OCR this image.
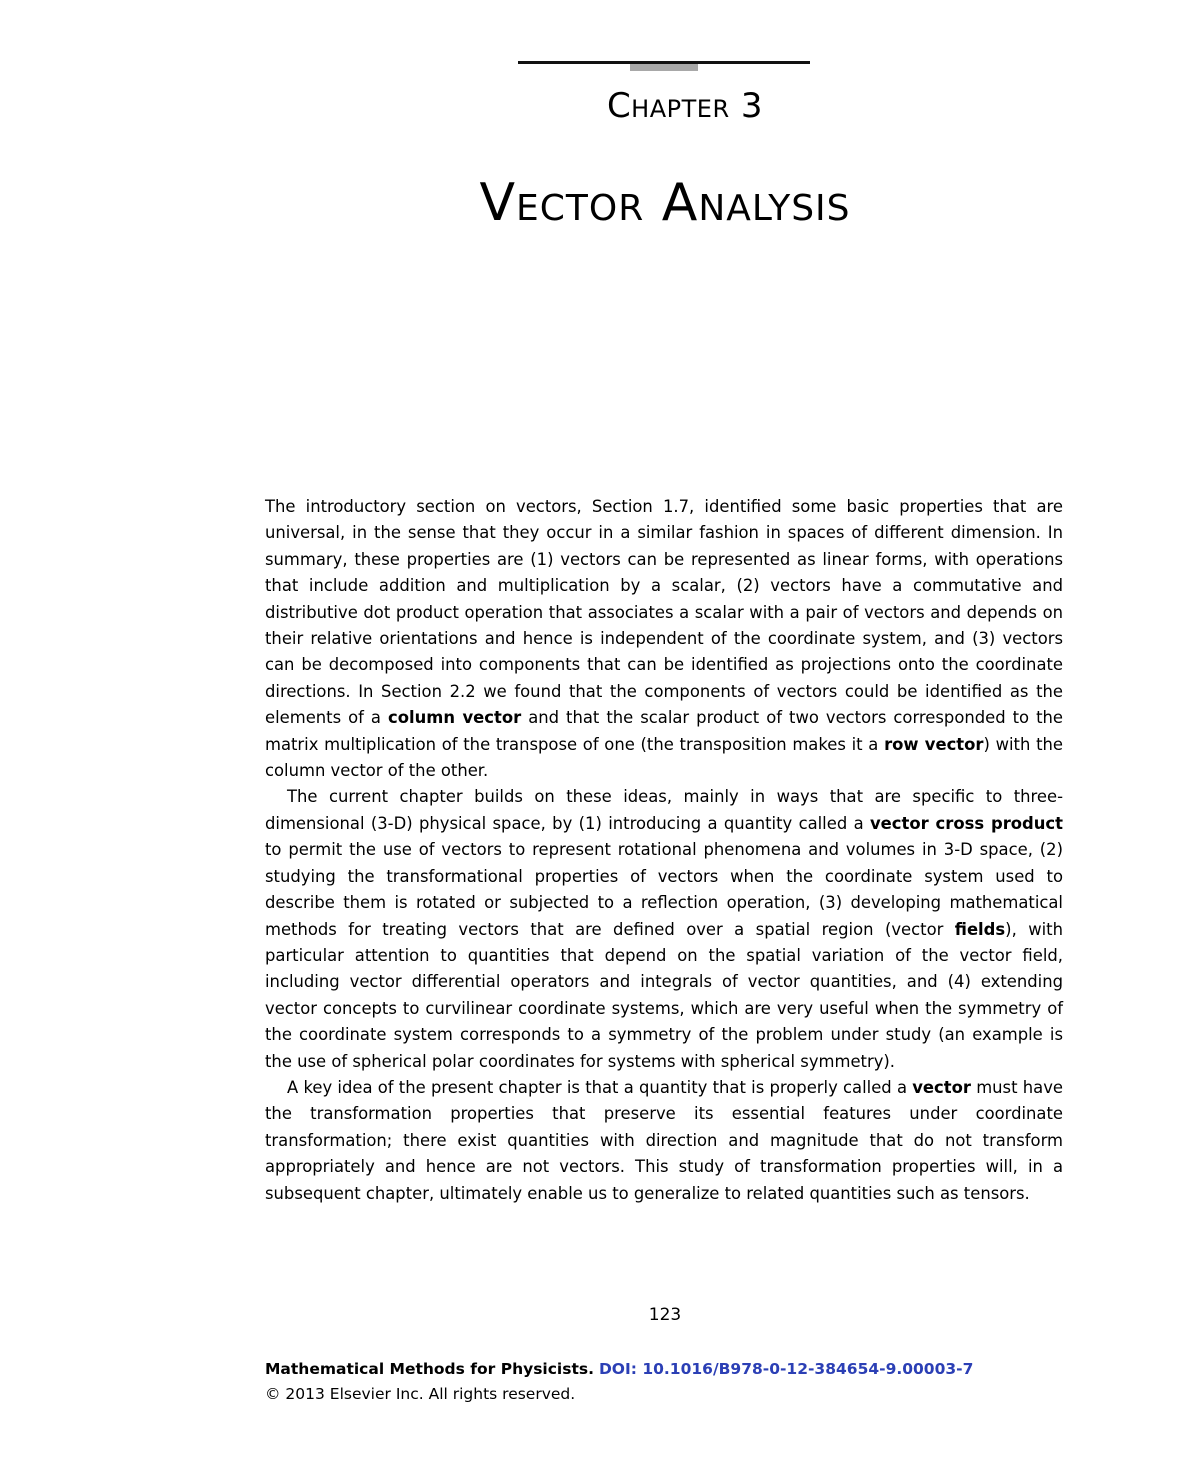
Chapter 3
Vector Analysis

The introductory section on vectors, Section 1.7, identified some basic properties that are universal, in the sense that they occur in a similar fashion in spaces of different dimension. In summary, these properties are (1) vectors can be represented as linear forms, with operations that include addition and multiplication by a scalar, (2) vectors have a commutative and distributive dot product operation that associates a scalar with a pair of vectors and depends on their relative orientations and hence is independent of the coordinate system, and (3) vectors can be decomposed into components that can be identified as projections onto the coordinate directions. In Section 2.2 we found that the components of vectors could be identified as the elements of a column vector and that the scalar product of two vectors corresponded to the matrix multiplication of the transpose of one (the transposition makes it a row vector) with the column vector of the other.

The current chapter builds on these ideas, mainly in ways that are specific to three-dimensional (3-D) physical space, by (1) introducing a quantity called a vector cross product to permit the use of vectors to represent rotational phenomena and volumes in 3-D space, (2) studying the transformational properties of vectors when the coordinate system used to describe them is rotated or subjected to a reflection operation, (3) developing mathematical methods for treating vectors that are defined over a spatial region (vector fields), with particular attention to quantities that depend on the spatial variation of the vector field, including vector differential operators and integrals of vector quantities, and (4) extending vector concepts to curvilinear coordinate systems, which are very useful when the symmetry of the coordinate system corresponds to a symmetry of the problem under study (an example is the use of spherical polar coordinates for systems with spherical symmetry).

A key idea of the present chapter is that a quantity that is properly called a vector must have the transformation properties that preserve its essential features under coordinate transformation; there exist quantities with direction and magnitude that do not transform appropriately and hence are not vectors. This study of transformation properties will, in a subsequent chapter, ultimately enable us to generalize to related quantities such as tensors.

123
Mathematical Methods for Physicists. DOI: 10.1016/B978-0-12-384654-9.00003-7
© 2013 Elsevier Inc. All rights reserved.
